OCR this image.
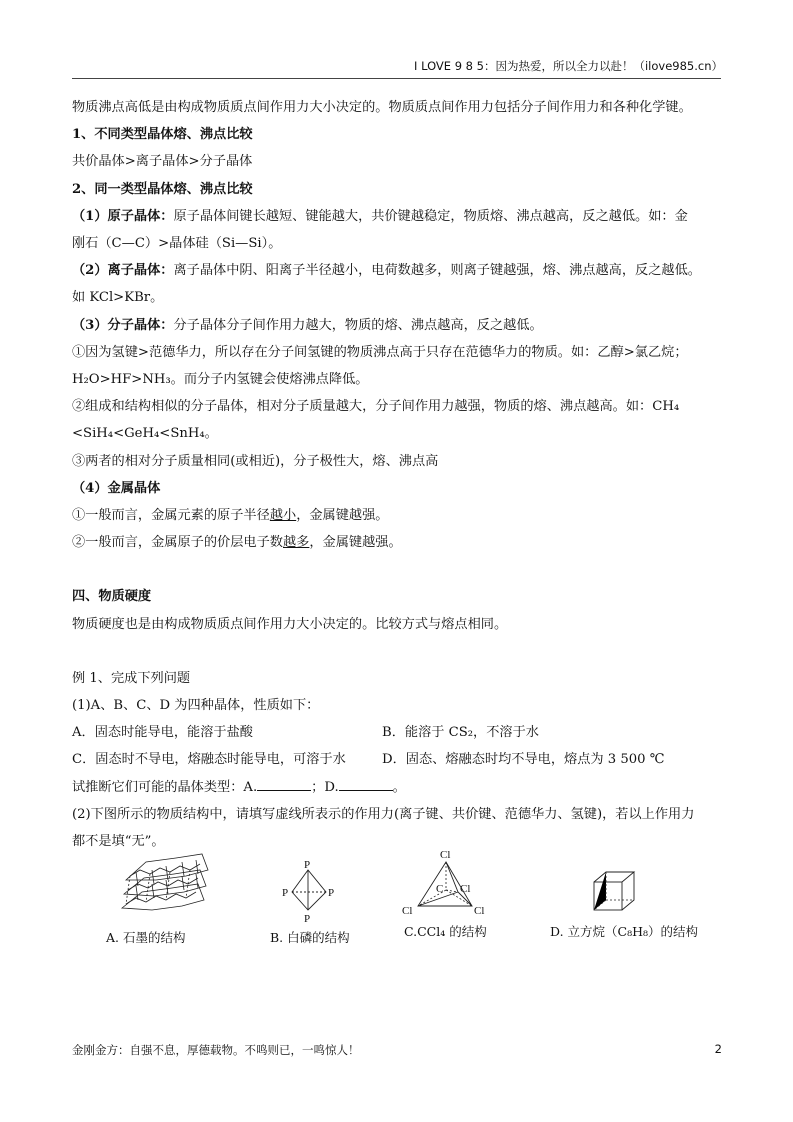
I LOVE 9 8 5：因为热爱，所以全力以赴！（ilove985.cn）

物质沸点高低是由构成物质质点间作用力大小决定的。物质质点间作用力包括分子间作用力和各种化学键。

1、不同类型晶体熔、沸点比较

共价晶体>离子晶体>分子晶体

2、同一类型晶体熔、沸点比较

（1）原子晶体：原子晶体间键长越短、键能越大，共价键越稳定，物质熔、沸点越高，反之越低。如：金

刚石（C—C）>晶体硅（Si—Si）。

（2）离子晶体：离子晶体中阴、阳离子半径越小，电荷数越多，则离子键越强，熔、沸点越高，反之越低。

如 KCl>KBr。

（3）分子晶体：分子晶体分子间作用力越大，物质的熔、沸点越高，反之越低。

①因为氢键>范德华力，所以存在分子间氢键的物质沸点高于只存在范德华力的物质。如：乙醇>氯乙烷；

H₂O>HF>NH₃。而分子内氢键会使熔沸点降低。

②组成和结构相似的分子晶体，相对分子质量越大，分子间作用力越强，物质的熔、沸点越高。如：CH₄

<SiH₄<GeH₄<SnH₄。

③两者的相对分子质量相同(或相近)，分子极性大，熔、沸点高

（4）金属晶体

①一般而言，金属元素的原子半径越小，金属键越强。

②一般而言，金属原子的价层电子数越多，金属键越强。

四、物质硬度

物质硬度也是由构成物质质点间作用力大小决定的。比较方式与熔点相同。

例 1、完成下列问题

(1)A、B、C、D 为四种晶体，性质如下：

A．固态时能导电，能溶于盐酸	B．能溶于 CS₂，不溶于水
C．固态时不导电，熔融态时能导电，可溶于水	D．固态、熔融态时均不导电，熔点为 3 500 ℃

试推断它们可能的晶体类型：A.	；D.	。

(2)下图所示的物质结构中，请填写虚线所表示的作用力(离子键、共价键、范德华力、氢键)，若以上作用力

都不是填“无”。

A. 石墨的结构
P
P	P
P
B. 白磷的结构
Cl
C Cl
Cl	Cl
C.CCl₄ 的结构	D. 立方烷（C₈H₈）的结构
金刚金方：自强不息，厚德载物。不鸣则已，一鸣惊人！	2
